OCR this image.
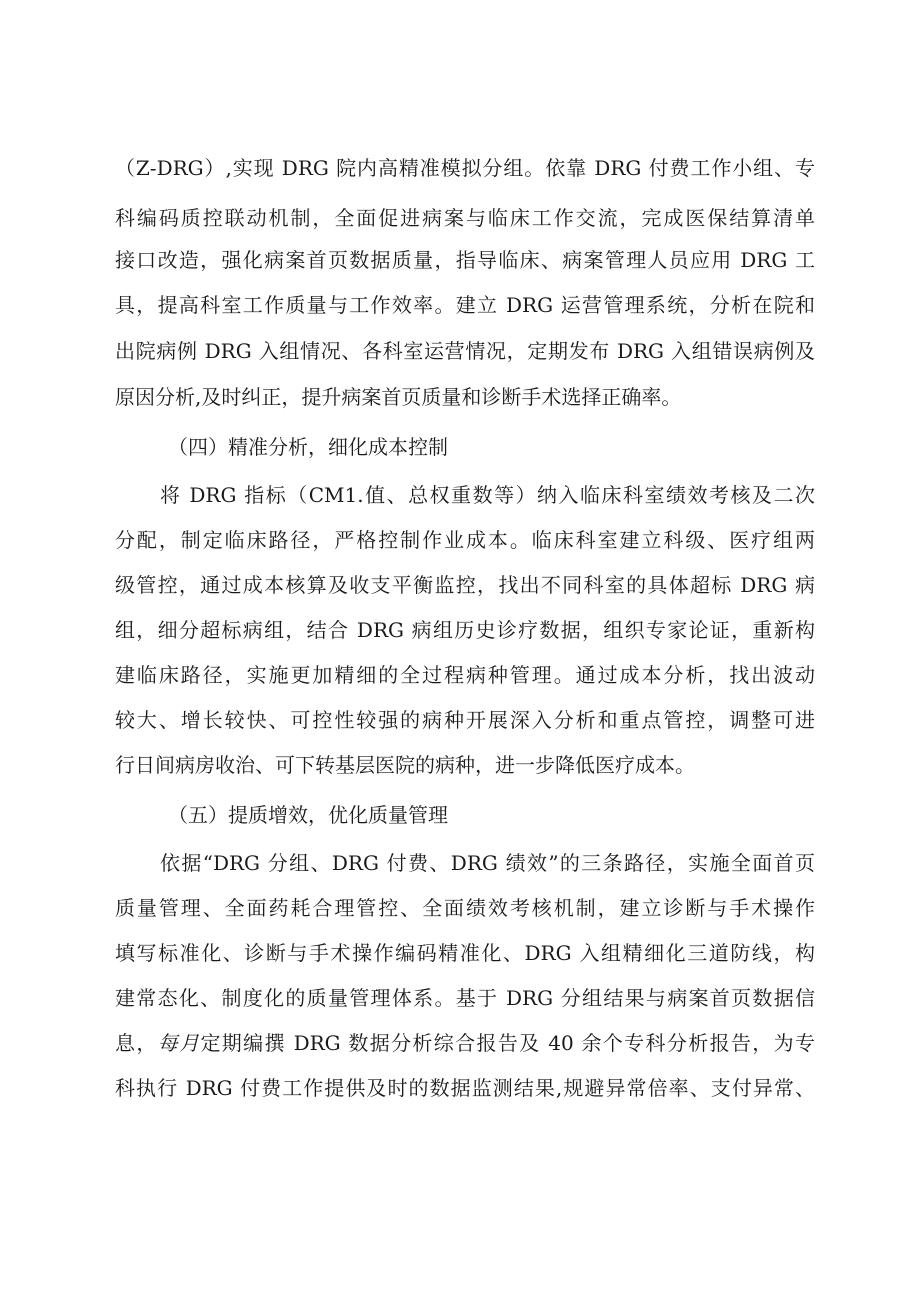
（Z-DRG）,实现 DRG 院内高精准模拟分组。依靠 DRG 付费工作小组、专
科编码质控联动机制，全面促进病案与临床工作交流，完成医保结算清单
接口改造，强化病案首页数据质量，指导临床、病案管理人员应用 DRG 工
具，提高科室工作质量与工作效率。建立 DRG 运营管理系统，分析在院和
出院病例 DRG 入组情况、各科室运营情况，定期发布 DRG 入组错误病例及
原因分析,及时纠正，提升病案首页质量和诊断手术选择正确率。
（四）精准分析，细化成本控制
将 DRG 指标（CM1.值、总权重数等）纳入临床科室绩效考核及二次
分配，制定临床路径，严格控制作业成本。临床科室建立科级、医疗组两
级管控，通过成本核算及收支平衡监控，找出不同科室的具体超标 DRG 病
组，细分超标病组，结合 DRG 病组历史诊疗数据，组织专家论证，重新构
建临床路径，实施更加精细的全过程病种管理。通过成本分析，找出波动
较大、增长较快、可控性较强的病种开展深入分析和重点管控，调整可进
行日间病房收治、可下转基层医院的病种，进一步降低医疗成本。
（五）提质增效，优化质量管理
依据“DRG 分组、DRG 付费、DRG 绩效”的三条路径，实施全面首页
质量管理、全面药耗合理管控、全面绩效考核机制，建立诊断与手术操作
填写标准化、诊断与手术操作编码精准化、DRG 入组精细化三道防线，构
建常态化、制度化的质量管理体系。基于 DRG 分组结果与病案首页数据信
息，每月定期编撰 DRG 数据分析综合报告及 40 余个专科分析报告，为专
科执行 DRG 付费工作提供及时的数据监测结果,规避异常倍率、支付异常、
